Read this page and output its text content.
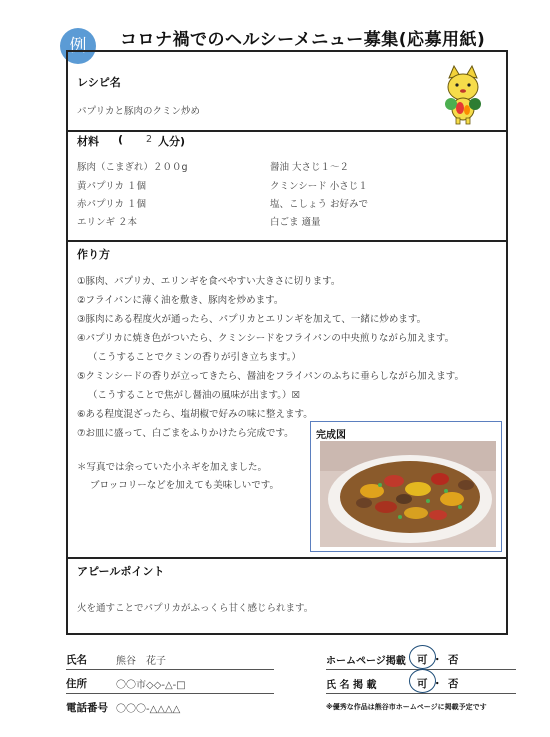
例	コロナ禍でのヘルシーメニュー募集(応募用紙)
レシピ名
パプリカと豚肉のクミン炒め
材料 ( 2 人分)
豚肉（こまぎれ）２００g
黄パプリカ １個
赤パプリカ １個
エリンギ ２本
醤油 大さじ１～２
クミンシード 小さじ１
塩、こしょう お好みで
白ごま 適量
作り方
①豚肉、パプリカ、エリンギを食べやすい大きさに切ります。
②フライパンに薄く油を敷き、豚肉を炒めます。
③豚肉にある程度火が通ったら、パプリカとエリンギを加えて、一緒に炒めます。
④パプリカに焼き色がついたら、クミンシードをフライパンの中央煎りながら加えます。
（こうすることでクミンの香りが引き立ちます。）
⑤クミンシードの香りが立ってきたら、醤油をフライパンのふちに垂らしながら加えます。
（こうすることで焦がし醤油の風味が出ます。）☒
⑥ある程度混ざったら、塩胡椒で好みの味に整えます。
⑦お皿に盛って、白ごまをふりかけたら完成です。
＊写真では余っていた小ネギを加えました。
ブロッコリーなどを加えても美味しいです。
完成図
アピールポイント
火を通すことでパプリカがふっくら甘く感じられます。
氏名	熊谷　花子
住所	〇〇市◇◇-△-□
電話番号 〇〇〇-△△△△
ホームページ掲載 可 ・ 否
氏 名 掲 載	可 ・ 否
※優秀な作品は熊谷市ホームページに掲載予定です
